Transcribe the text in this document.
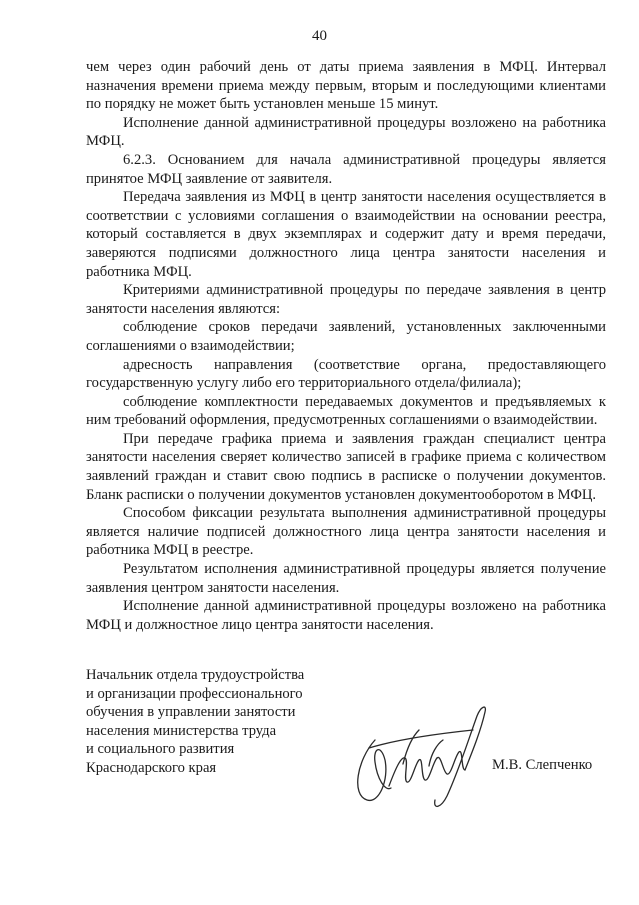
40

чем через один рабочий день от даты приема заявления в МФЦ. Интервал назначения времени приема между первым, вторым и последующими клиентами по порядку не может быть установлен меньше 15 минут.

Исполнение данной административной процедуры возложено на работника МФЦ.

6.2.3. Основанием для начала административной процедуры является принятое МФЦ заявление от заявителя.

Передача заявления из МФЦ в центр занятости населения осуществляется в соответствии с условиями соглашения о взаимодействии на основании реестра, который составляется в двух экземплярах и содержит дату и время передачи, заверяются подписями должностного лица центра занятости населения и работника МФЦ.

Критериями административной процедуры по передаче заявления в центр занятости населения являются:

соблюдение сроков передачи заявлений, установленных заключенными соглашениями о взаимодействии;

адресность направления (соответствие органа, предоставляющего государственную услугу либо его территориального отдела/филиала);

соблюдение комплектности передаваемых документов и предъявляемых к ним требований оформления, предусмотренных соглашениями о взаимодействии.

При передаче графика приема и заявления граждан специалист центра занятости населения сверяет количество записей в графике приема с количеством заявлений граждан и ставит свою подпись в расписке о получении документов. Бланк расписки о получении документов установлен документооборотом в МФЦ.

Способом фиксации результата выполнения административной процедуры является наличие подписей должностного лица центра занятости населения и работника МФЦ в реестре.

Результатом исполнения административной процедуры является получение заявления центром занятости населения.

Исполнение данной административной процедуры возложено на работника МФЦ и должностное лицо центра занятости населения.

Начальник отдела трудоустройства
и организации профессионального
обучения в управлении занятости
населения министерства труда
и социального развития
Краснодарского края	М.В. Слепченко
